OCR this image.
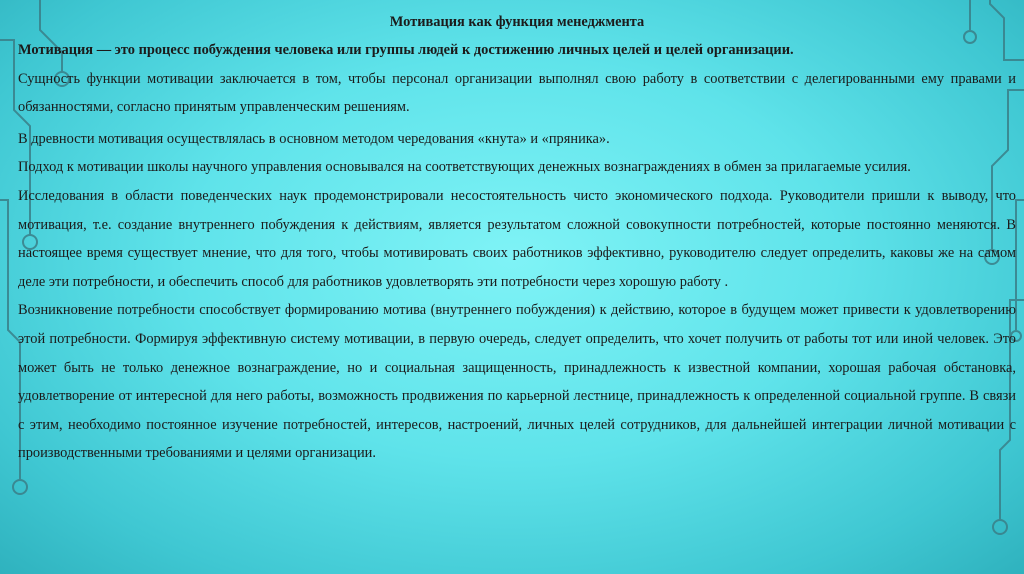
Мотивация как функция менеджмента

Мотивация — это процесс побуждения человека или группы людей к достижению личных целей и целей организации.

Сущность функции мотивации заключается в том, чтобы персонал организации выполнял свою работу в соответствии с делегированными ему правами и обязанностями, согласно принятым управленческим решениям.

В древности мотивация осуществлялась в основном методом чередования «кнута» и «пряника».

Подход к мотивации школы научного управления основывался на соответствующих денежных вознаграждениях в обмен за прилагаемые усилия.

Исследования в области поведенческих наук продемонстрировали несостоятельность чисто экономического подхода. Руководители пришли к выводу, что мотивация, т.е. создание внутреннего побуждения к действиям, является результатом сложной совокупности потребностей, которые постоянно меняются. В настоящее время существует мнение, что для того, чтобы мотивировать своих работников эффективно, руководителю следует определить, каковы же на самом деле эти потребности, и обеспечить способ для работников удовлетворять эти потребности через хорошую работу .

Возникновение потребности способствует формированию мотива (внутреннего побуждения) к действию, которое в будущем может привести к удовлетворению этой потребности. Формируя эффективную систему мотивации, в первую очередь, следует определить, что хочет получить от работы тот или иной человек. Это может быть не только денежное вознаграждение, но и социальная защищенность, принадлежность к известной компании, хорошая рабочая обстановка, удовлетворение от интересной для него работы, возможность продвижения по карьерной лестнице, принадлежность к определенной социальной группе. В связи с этим, необходимо постоянное изучение потребностей, интересов, настроений, личных целей сотрудников, для дальнейшей интеграции личной мотивации с производственными требованиями и целями организации.
